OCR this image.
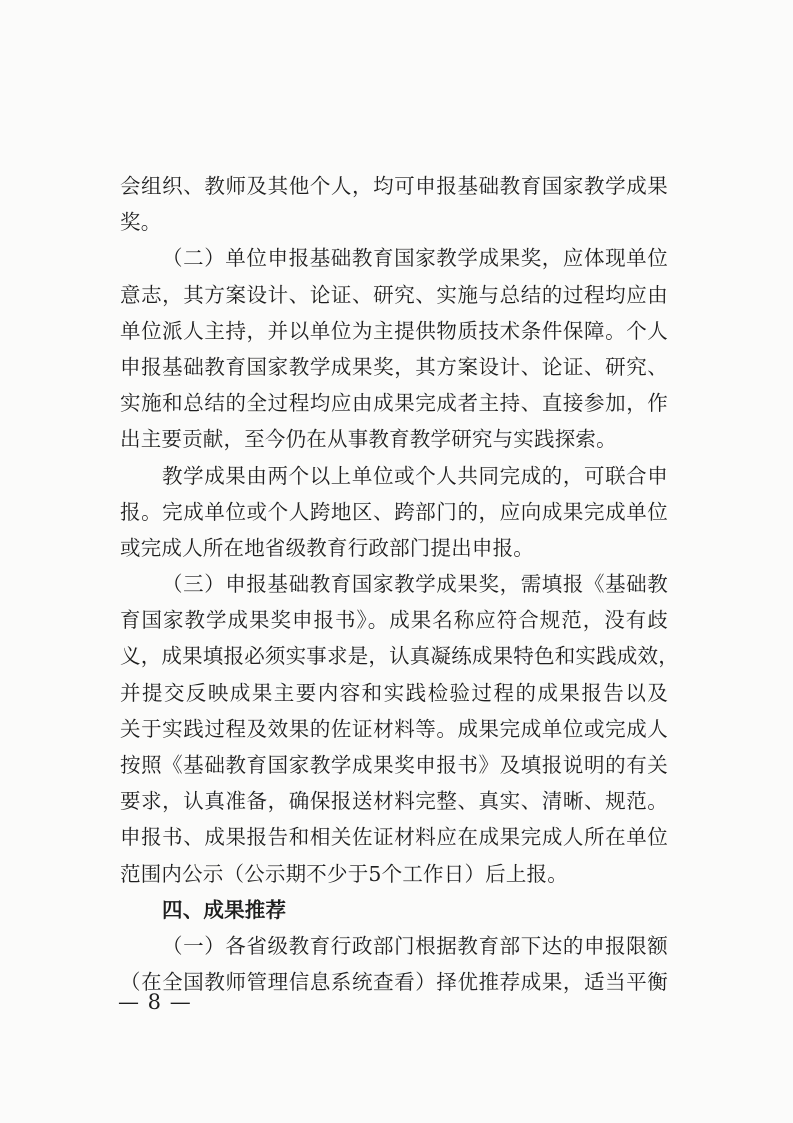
会组织、教师及其他个人，均可申报基础教育国家教学成果
奖。
（二）单位申报基础教育国家教学成果奖，应体现单位
意志，其方案设计、论证、研究、实施与总结的过程均应由
单位派人主持，并以单位为主提供物质技术条件保障。个人
申报基础教育国家教学成果奖，其方案设计、论证、研究、
实施和总结的全过程均应由成果完成者主持、直接参加，作
出主要贡献，至今仍在从事教育教学研究与实践探索。
教学成果由两个以上单位或个人共同完成的，可联合申
报。完成单位或个人跨地区、跨部门的，应向成果完成单位
或完成人所在地省级教育行政部门提出申报。
（三）申报基础教育国家教学成果奖，需填报《基础教
育国家教学成果奖申报书》。成果名称应符合规范，没有歧
义，成果填报必须实事求是，认真凝练成果特色和实践成效，
并提交反映成果主要内容和实践检验过程的成果报告以及
关于实践过程及效果的佐证材料等。成果完成单位或完成人
按照《基础教育国家教学成果奖申报书》及填报说明的有关
要求，认真准备，确保报送材料完整、真实、清晰、规范。
申报书、成果报告和相关佐证材料应在成果完成人所在单位
范围内公示（公示期不少于5个工作日）后上报。
四、成果推荐
（一）各省级教育行政部门根据教育部下达的申报限额
（在全国教师管理信息系统查看）择优推荐成果，适当平衡
— 8 —
